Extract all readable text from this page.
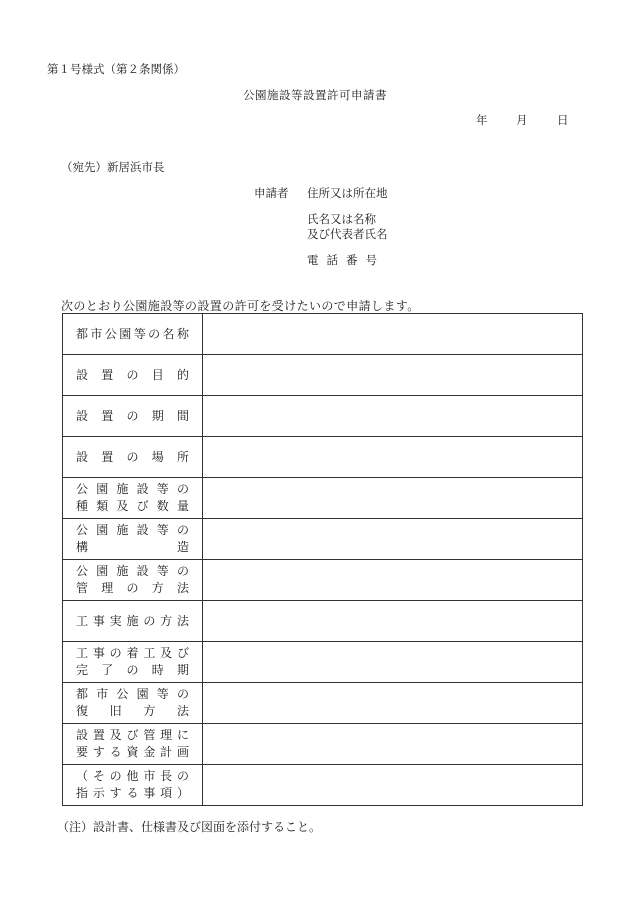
第１号様式（第２条関係）
公園施設等設置許可申請書
年 月	日
（宛先）新居浜市長
申請者 住所又は所在地
氏名又は名称
及び代表者氏名
電話番号
次のとおり公園施設等の設置の許可を受けたいので申請します。
都市公園等の名称	

設置の目的	

設置の期間	

設置の場所	

公園施設等の
種類及び数量	

公園施設等の
構造	

公園施設等の
管理の方法	

工事実施の方法	

工事の着工及び
完了の時期	

都市公園等の
復旧方法	

設置及び管理に
要する資金計画	

（その他市長の
指示する事項）	

（注）設計書、仕様書及び図面を添付すること。
